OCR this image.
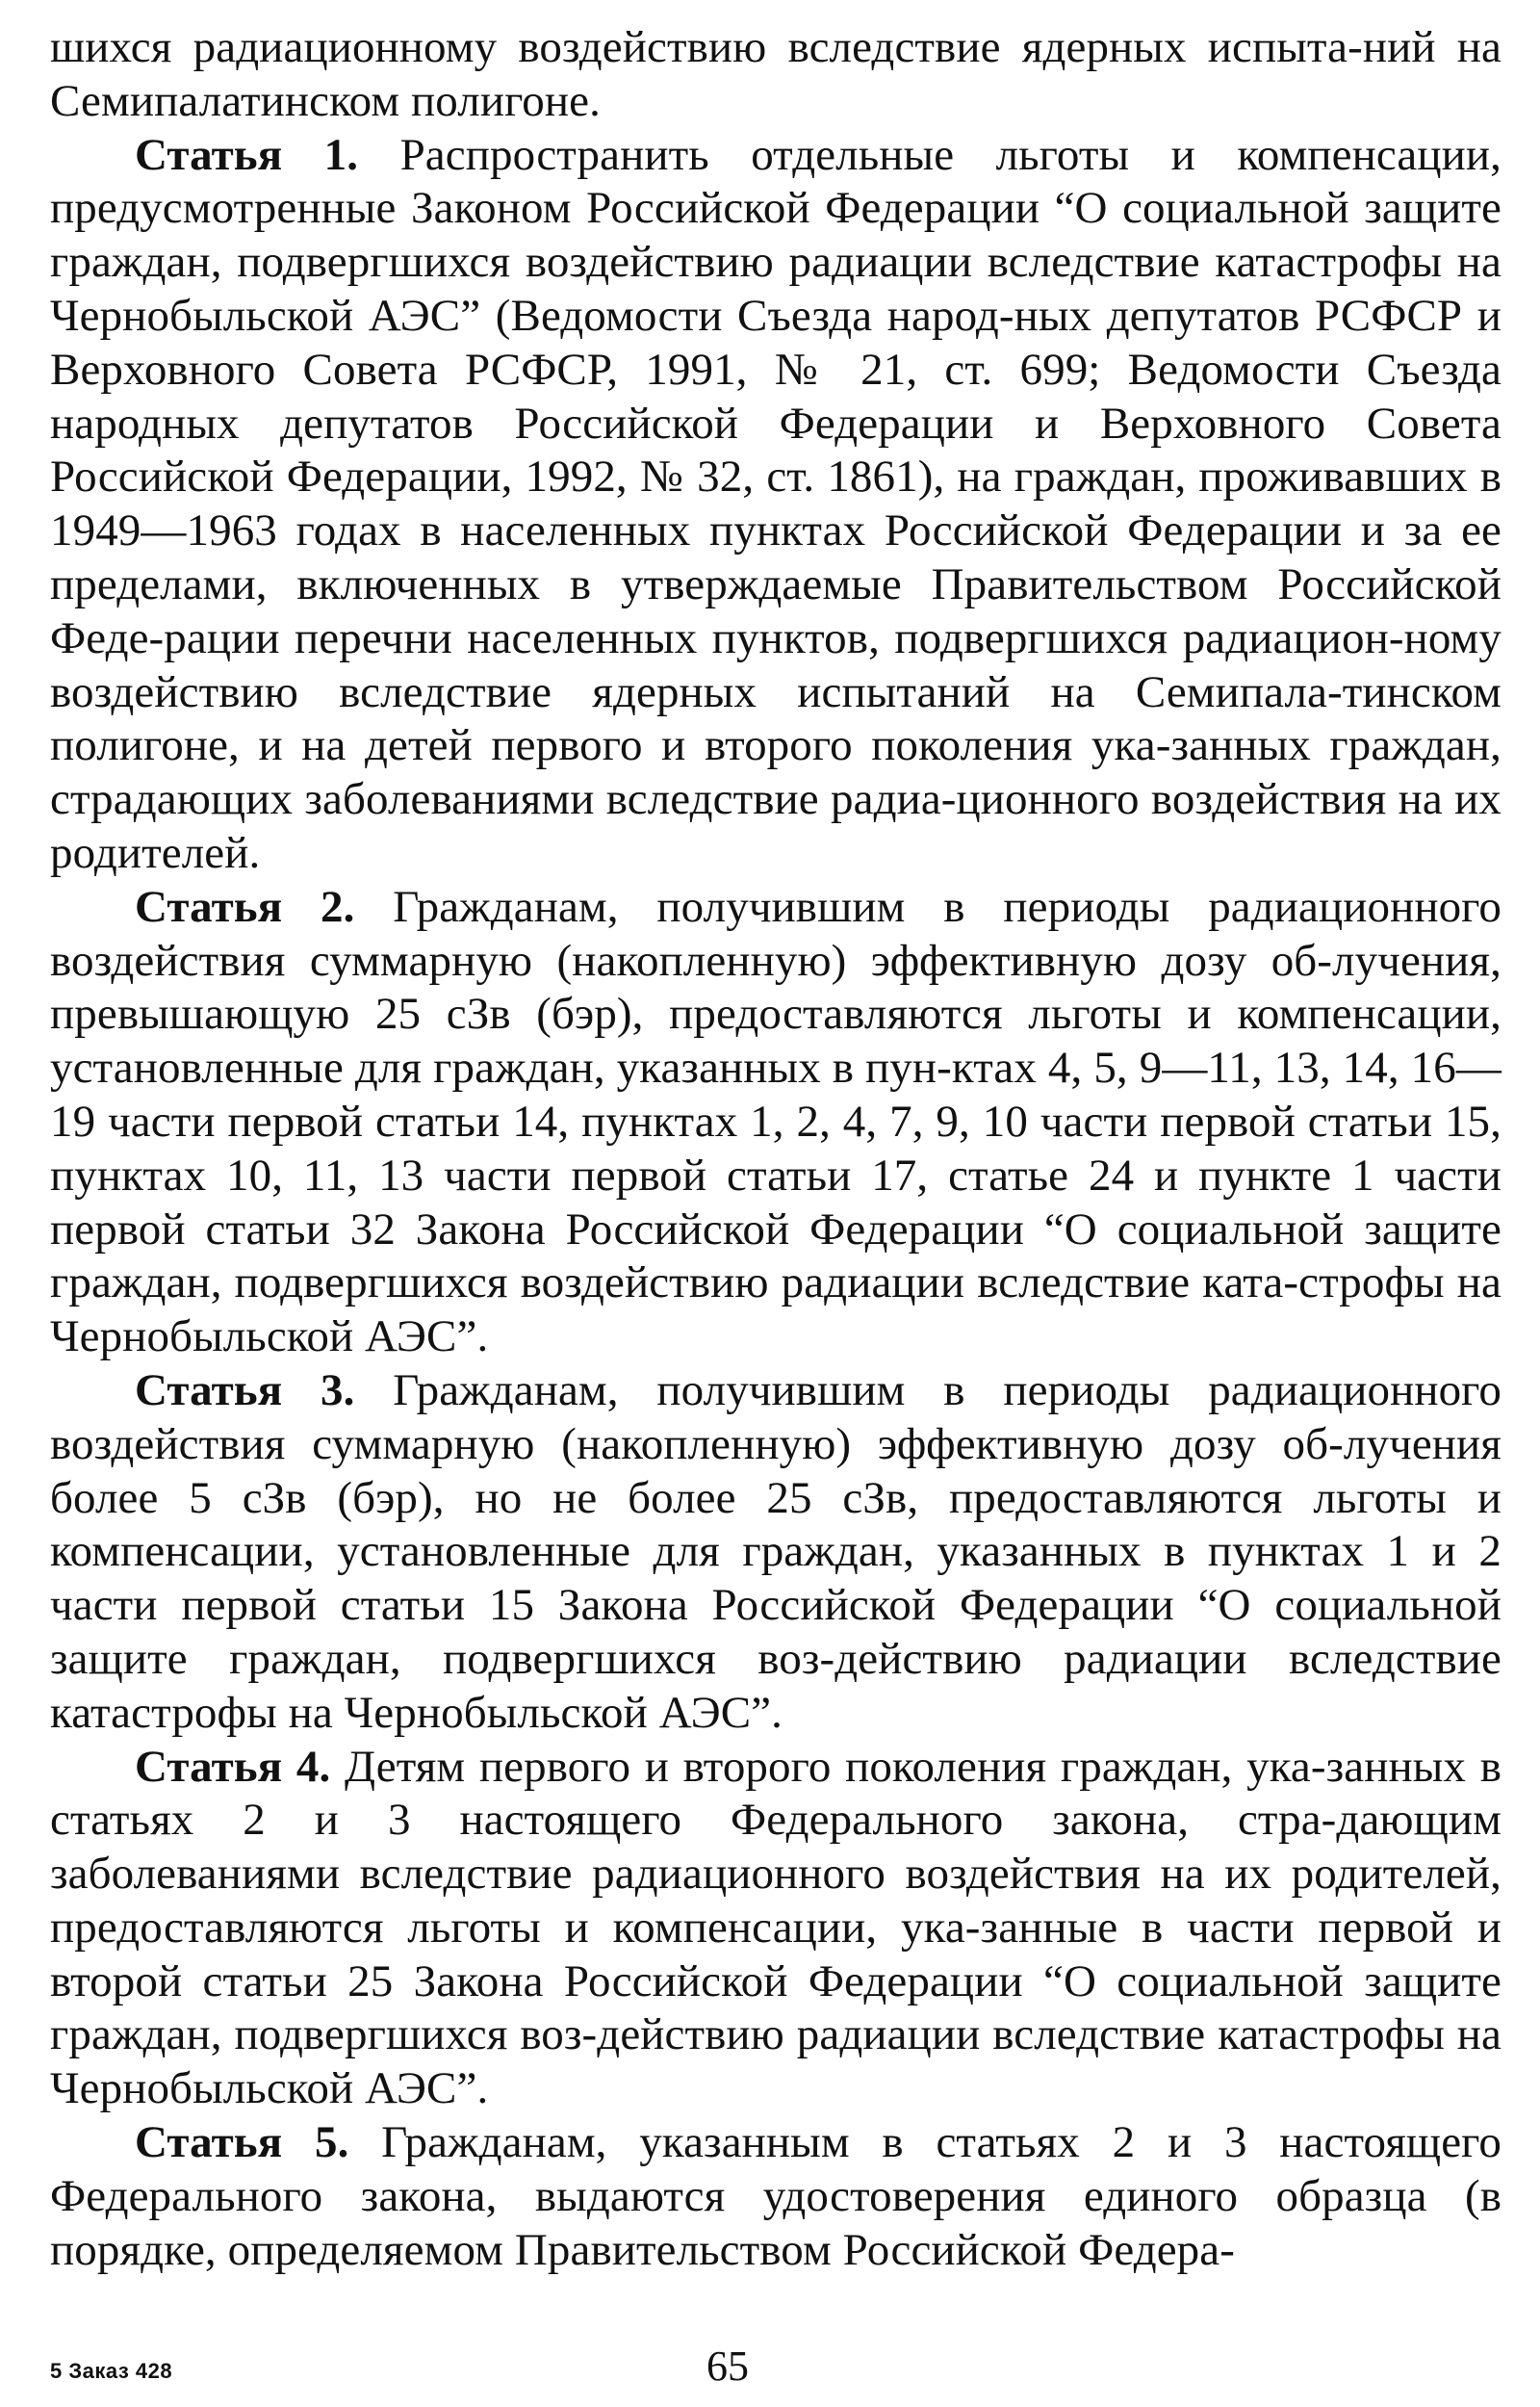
шихся радиационному воздействию вследствие ядерных испыта-ний на Семипалатинском полигоне.

Статья 1. Распространить отдельные льготы и компенсации, предусмотренные Законом Российской Федерации “О социальной защите граждан, подвергшихся воздействию радиации вследствие катастрофы на Чернобыльской АЭС” (Ведомости Съезда народ-ных депутатов РСФСР и Верховного Совета РСФСР, 1991, № 21, ст. 699; Ведомости Съезда народных депутатов Российской Федерации и Верховного Совета Российской Федерации, 1992, № 32, ст. 1861), на граждан, проживавших в 1949—1963 годах в населенных пунктах Российской Федерации и за ее пределами, включенных в утверждаемые Правительством Российской Феде-рации перечни населенных пунктов, подвергшихся радиацион-ному воздействию вследствие ядерных испытаний на Семипала-тинском полигоне, и на детей первого и второго поколения ука-занных граждан, страдающих заболеваниями вследствие радиа-ционного воздействия на их родителей.

Статья 2. Гражданам, получившим в периоды радиационного воздействия суммарную (накопленную) эффективную дозу об-лучения, превышающую 25 сЗв (бэр), предоставляются льготы и компенсации, установленные для граждан, указанных в пун-ктах 4, 5, 9—11, 13, 14, 16—19 части первой статьи 14, пунктах 1, 2, 4, 7, 9, 10 части первой статьи 15, пунктах 10, 11, 13 части первой статьи 17, статье 24 и пункте 1 части первой статьи 32 Закона Российской Федерации “О социальной защите граждан, подвергшихся воздействию радиации вследствие ката-строфы на Чернобыльской АЭС”.

Статья 3. Гражданам, получившим в периоды радиационного воздействия суммарную (накопленную) эффективную дозу об-лучения более 5 сЗв (бэр), но не более 25 сЗв, предоставляются льготы и компенсации, установленные для граждан, указанных в пунктах 1 и 2 части первой статьи 15 Закона Российской Федерации “О социальной защите граждан, подвергшихся воз-действию радиации вследствие катастрофы на Чернобыльской АЭС”.

Статья 4. Детям первого и второго поколения граждан, ука-занных в статьях 2 и 3 настоящего Федерального закона, стра-дающим заболеваниями вследствие радиационного воздействия на их родителей, предоставляются льготы и компенсации, ука-занные в части первой и второй статьи 25 Закона Российской Федерации “О социальной защите граждан, подвергшихся воз-действию радиации вследствие катастрофы на Чернобыльской АЭС”.

Статья 5. Гражданам, указанным в статьях 2 и 3 настоящего Федерального закона, выдаются удостоверения единого образца (в порядке, определяемом Правительством Российской Федера-

5 Заказ 428	65
